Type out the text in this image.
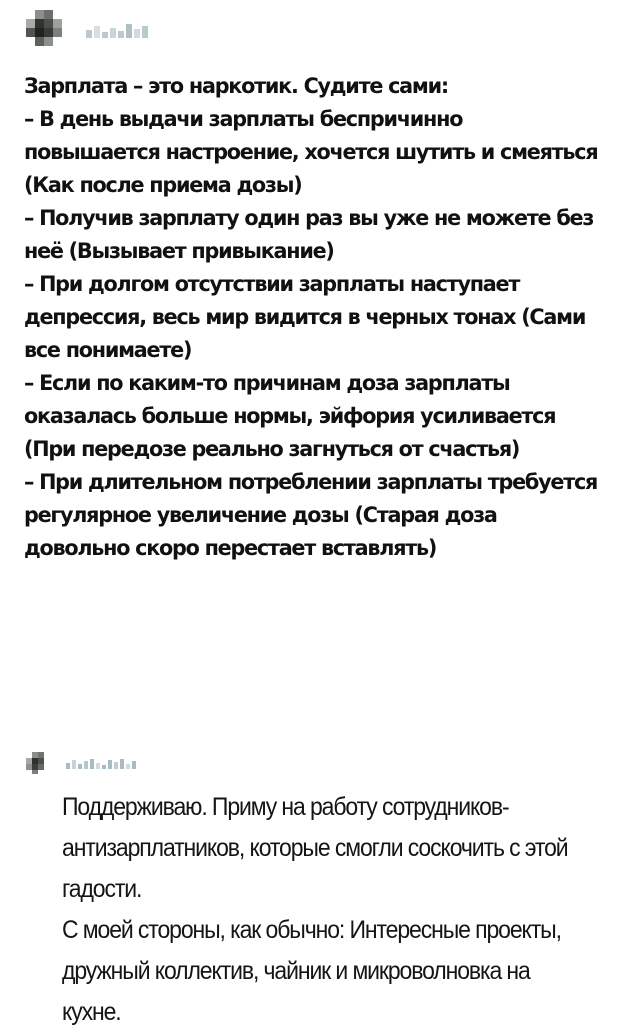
Зарплата – это наркотик. Судите сами:

– В день выдачи зарплаты беспричинно повышается настроение, хочется шутить и смеяться (Как после приема дозы)

– Получив зарплату один раз вы уже не можете без неё (Вызывает привыкание)

– При долгом отсутствии зарплаты наступает депрессия, весь мир видится в черных тонах (Сами все понимаете)

– Если по каким-то причинам доза зарплаты оказалась больше нормы, эйфория усиливается (При передозе реально загнуться от счастья)

– При длительном потреблении зарплаты требуется регулярное увеличение дозы (Старая доза довольно скоро перестает вставлять)

Поддерживаю. Приму на работу сотрудников-антизарплатников, которые смогли соскочить с этой гадости.

С моей стороны, как обычно: Интересные проекты, дружный коллектив, чайник и микроволновка на кухне.
